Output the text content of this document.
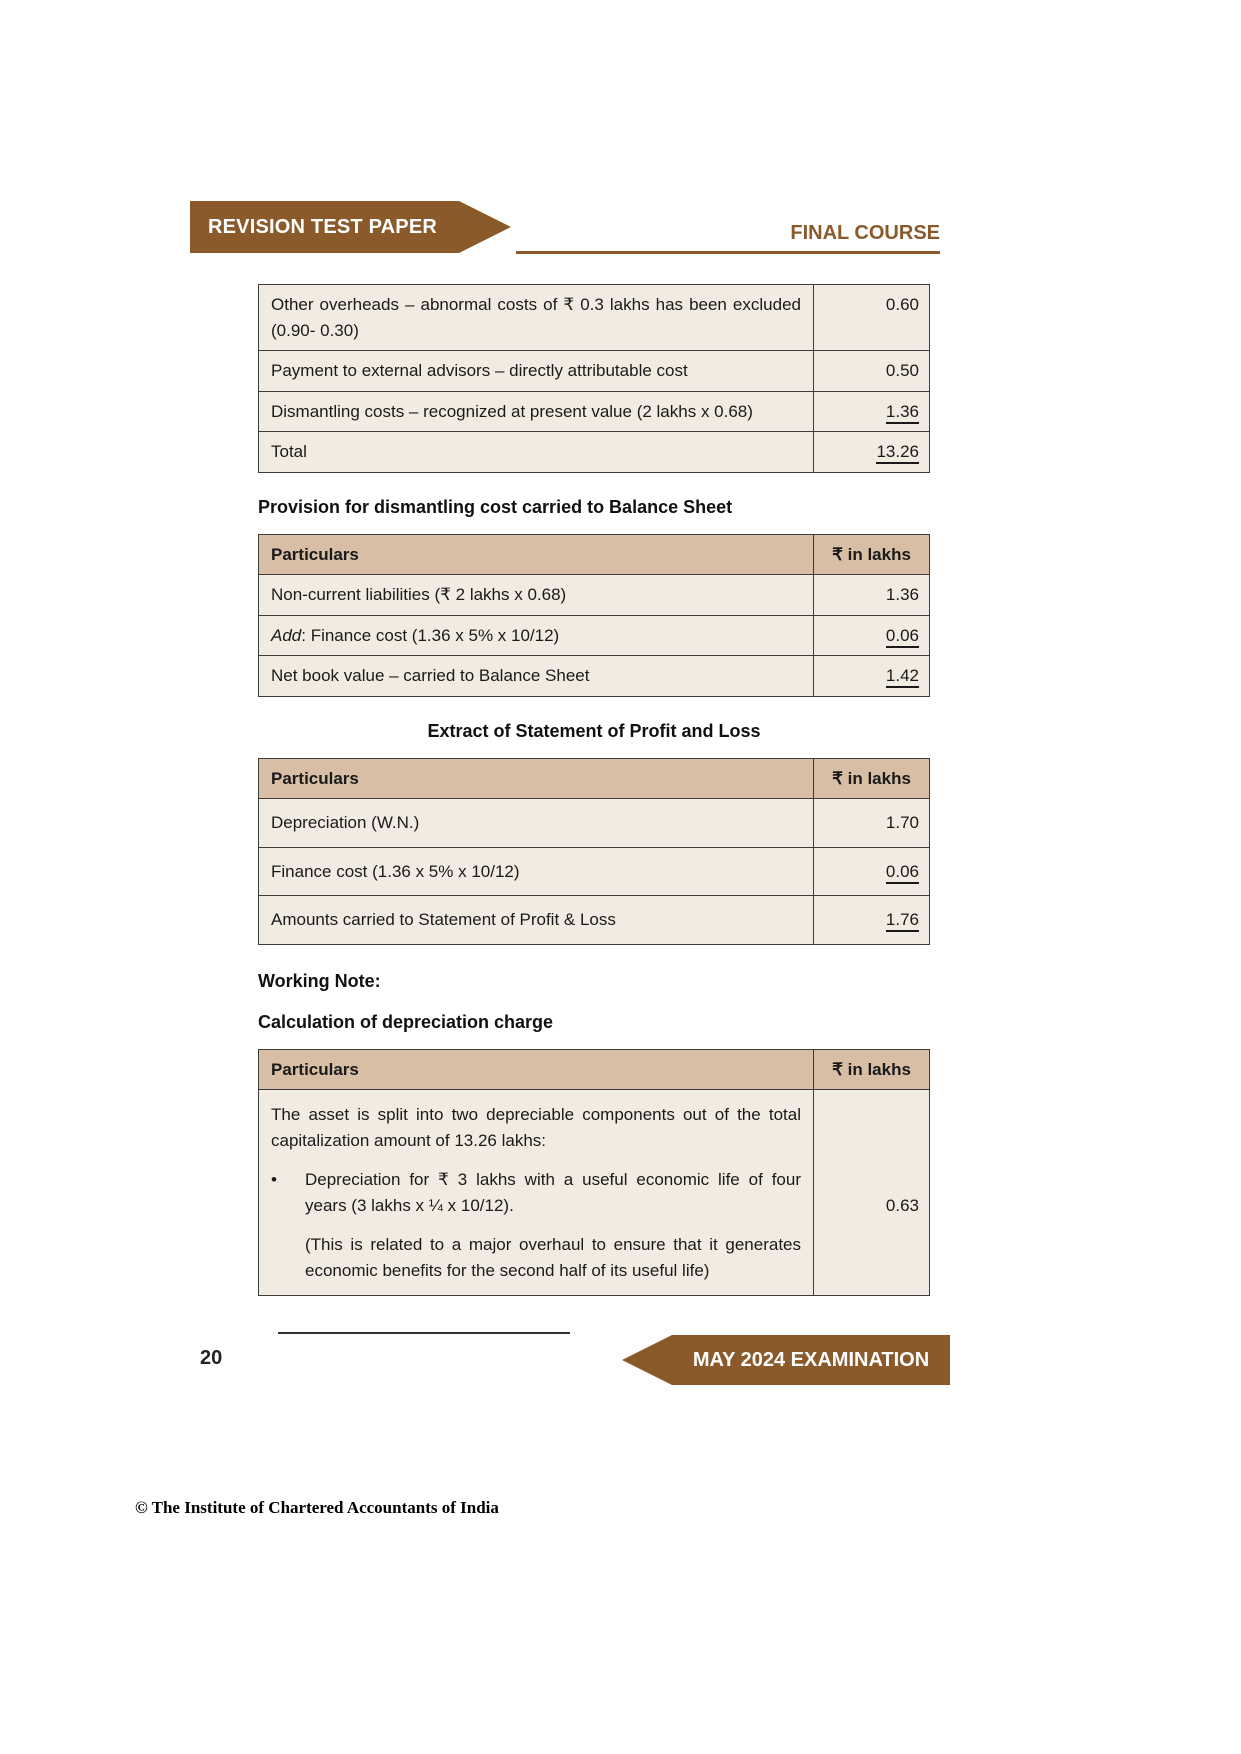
REVISION TEST PAPER	FINAL COURSE
Other overheads – abnormal costs of ₹ 0.3 lakhs has been excluded (0.90- 0.30)	0.60
Payment to external advisors – directly attributable cost	0.50
Dismantling costs – recognized at present value (2 lakhs x 0.68)	1.36
Total	13.26
Provision for dismantling cost carried to Balance Sheet
Particulars	₹ in lakhs
Non-current liabilities (₹ 2 lakhs x 0.68)	1.36
Add: Finance cost (1.36 x 5% x 10/12)	0.06
Net book value – carried to Balance Sheet	1.42
Extract of Statement of Profit and Loss
Particulars	₹ in lakhs
Depreciation (W.N.)	1.70
Finance cost (1.36 x 5% x 10/12)	0.06
Amounts carried to Statement of Profit & Loss	1.76
Working Note:
Calculation of depreciation charge
Particulars	₹ in lakhs

The asset is split into two depreciable components out of the total capitalization amount of 13.26 lakhs:

• Depreciation for ₹ 3 lakhs with a useful economic life of four years (3 lakhs x ¼ x 10/12).

(This is related to a major overhaul to ensure that it generates economic benefits for the second half of its useful life)	0.63
20	MAY 2024 EXAMINATION
© The Institute of Chartered Accountants of India
